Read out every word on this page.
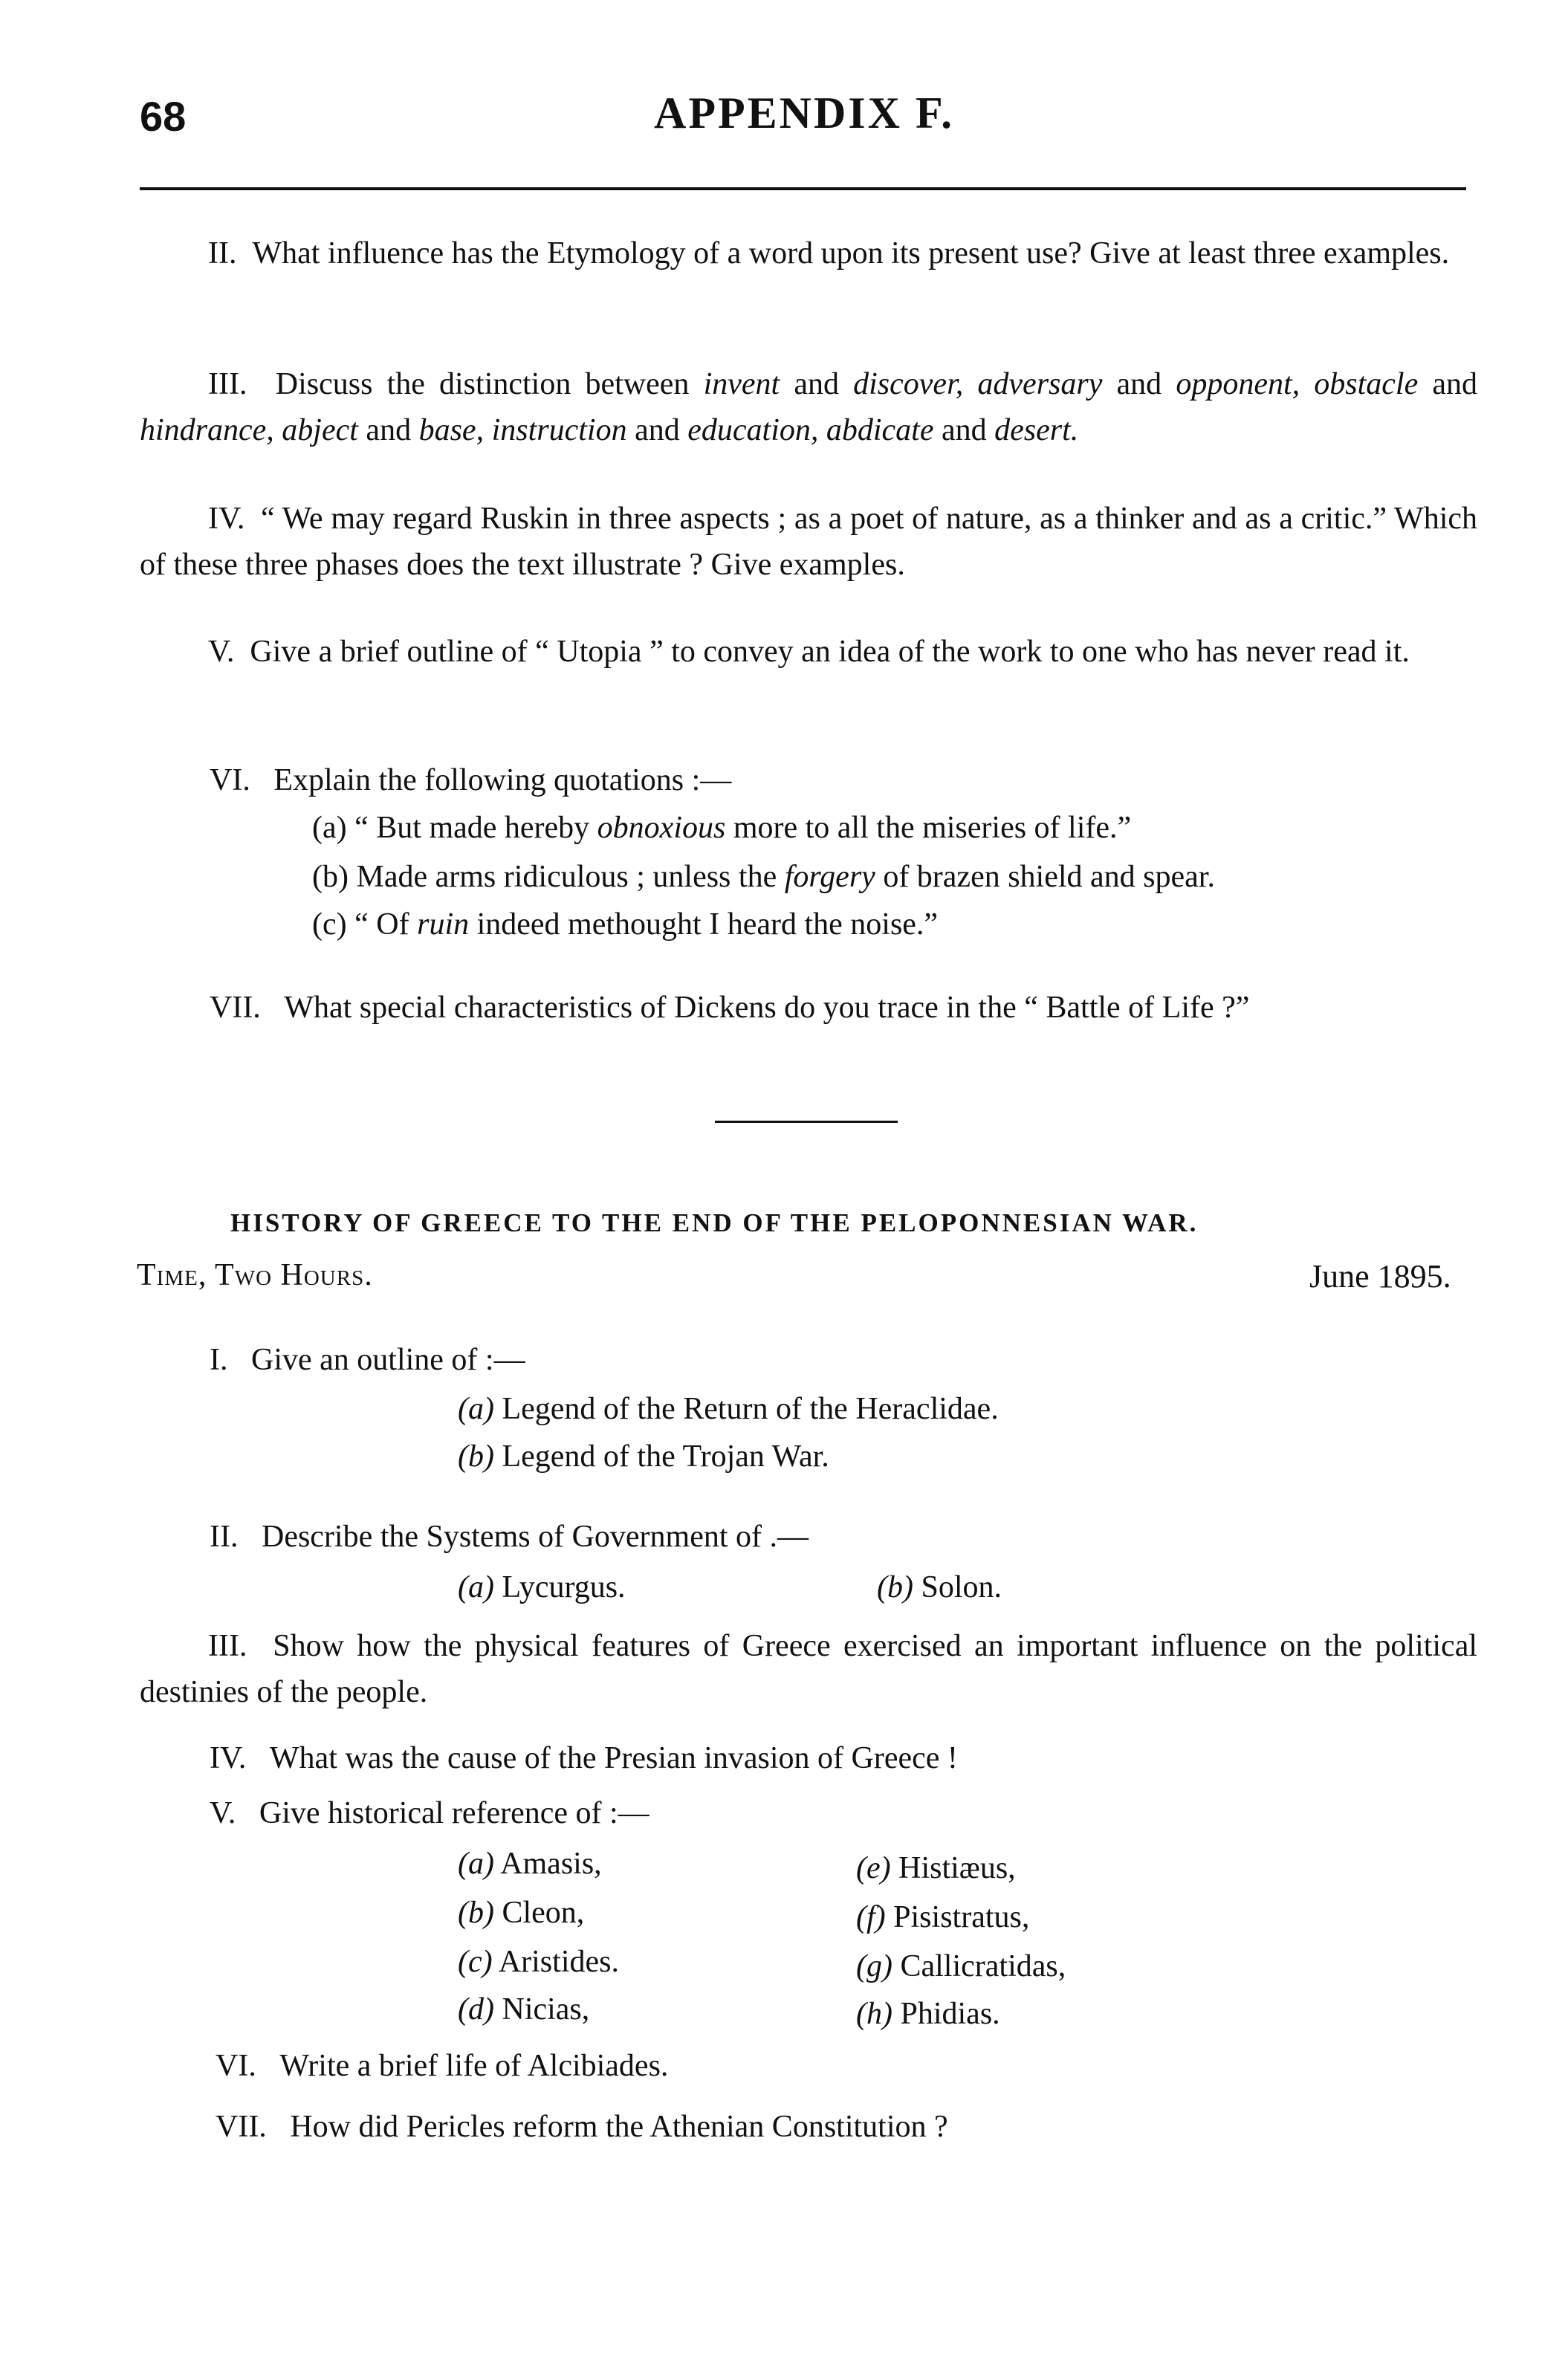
68	APPENDIX F.
II. What influence has the Etymology of a word upon its present use? Give at least three examples.
III. Discuss the distinction between invent and discover, adversary and opponent, obstacle and hindrance, abject and base, instruction and education, abdicate and desert.
IV. “ We may regard Ruskin in three aspects ; as a poet of nature, as a thinker and as a critic.” Which of these three phases does the text illustrate ? Give examples.
V. Give a brief outline of “ Utopia ” to convey an idea of the work to one who has never read it.
VI. Explain the following quotations :—
(a) “ But made hereby obnoxious more to all the miseries of life.”
(b) Made arms ridiculous ; unless the forgery of brazen shield and spear.
(c) “ Of ruin indeed methought I heard the noise.”
VII. What special characteristics of Dickens do you trace in the “ Battle of Life ?”
HISTORY OF GREECE TO THE END OF THE PELOPONNESIAN WAR.
Time, Two Hours.	June 1895.
I. Give an outline of :—
(a) Legend of the Return of the Heraclidae.
(b) Legend of the Trojan War.
II. Describe the Systems of Government of .—
(a) Lycurgus.	(b) Solon.
III. Show how the physical features of Greece exercised an important influence on the political destinies of the people.
IV. What was the cause of the Presian invasion of Greece !
V. Give historical reference of :—
(a) Amasis,
(b) Cleon,
(c) Aristides.
(d) Nicias,
(e) Histiæus,
(f) Pisistratus,
(g) Callicratidas,
(h) Phidias.
VI. Write a brief life of Alcibiades.
VII. How did Pericles reform the Athenian Constitution ?
